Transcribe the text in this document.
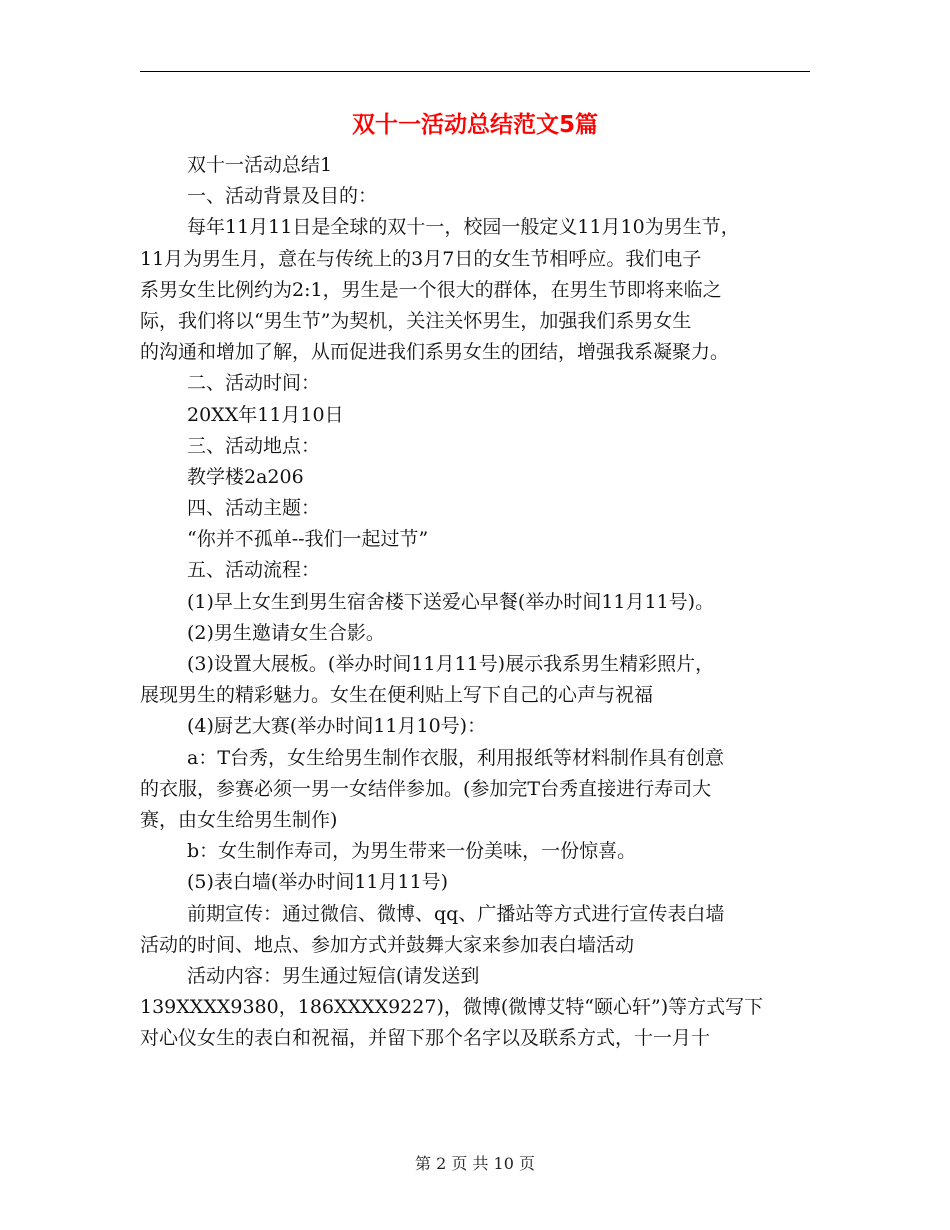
双十一活动总结范文5篇
双十一活动总结1
一、活动背景及目的：
每年11月11日是全球的双十一，校园一般定义11月10为男生节，
11月为男生月，意在与传统上的3月7日的女生节相呼应。我们电子
系男女生比例约为2:1，男生是一个很大的群体，在男生节即将来临之
际，我们将以“男生节”为契机，关注关怀男生，加强我们系男女生
的沟通和增加了解，从而促进我们系男女生的团结，增强我系凝聚力。
二、活动时间：
20XX年11月10日
三、活动地点：
教学楼2a206
四、活动主题：
“你并不孤单--我们一起过节”
五、活动流程：
(1)早上女生到男生宿舍楼下送爱心早餐(举办时间11月11号)。
(2)男生邀请女生合影。
(3)设置大展板。(举办时间11月11号)展示我系男生精彩照片，
展现男生的精彩魅力。女生在便利贴上写下自己的心声与祝福
(4)厨艺大赛(举办时间11月10号)：
a：T台秀，女生给男生制作衣服，利用报纸等材料制作具有创意
的衣服，参赛必须一男一女结伴参加。(参加完T台秀直接进行寿司大
赛，由女生给男生制作)
b：女生制作寿司，为男生带来一份美味，一份惊喜。
(5)表白墙(举办时间11月11号)
前期宣传：通过微信、微博、qq、广播站等方式进行宣传表白墙
活动的时间、地点、参加方式并鼓舞大家来参加表白墙活动
活动内容：男生通过短信(请发送到
139XXXX9380，186XXXX9227)，微博(微博艾特“颐心轩”)等方式写下
对心仪女生的表白和祝福，并留下那个名字以及联系方式，十一月十
第 2 页 共 10 页
